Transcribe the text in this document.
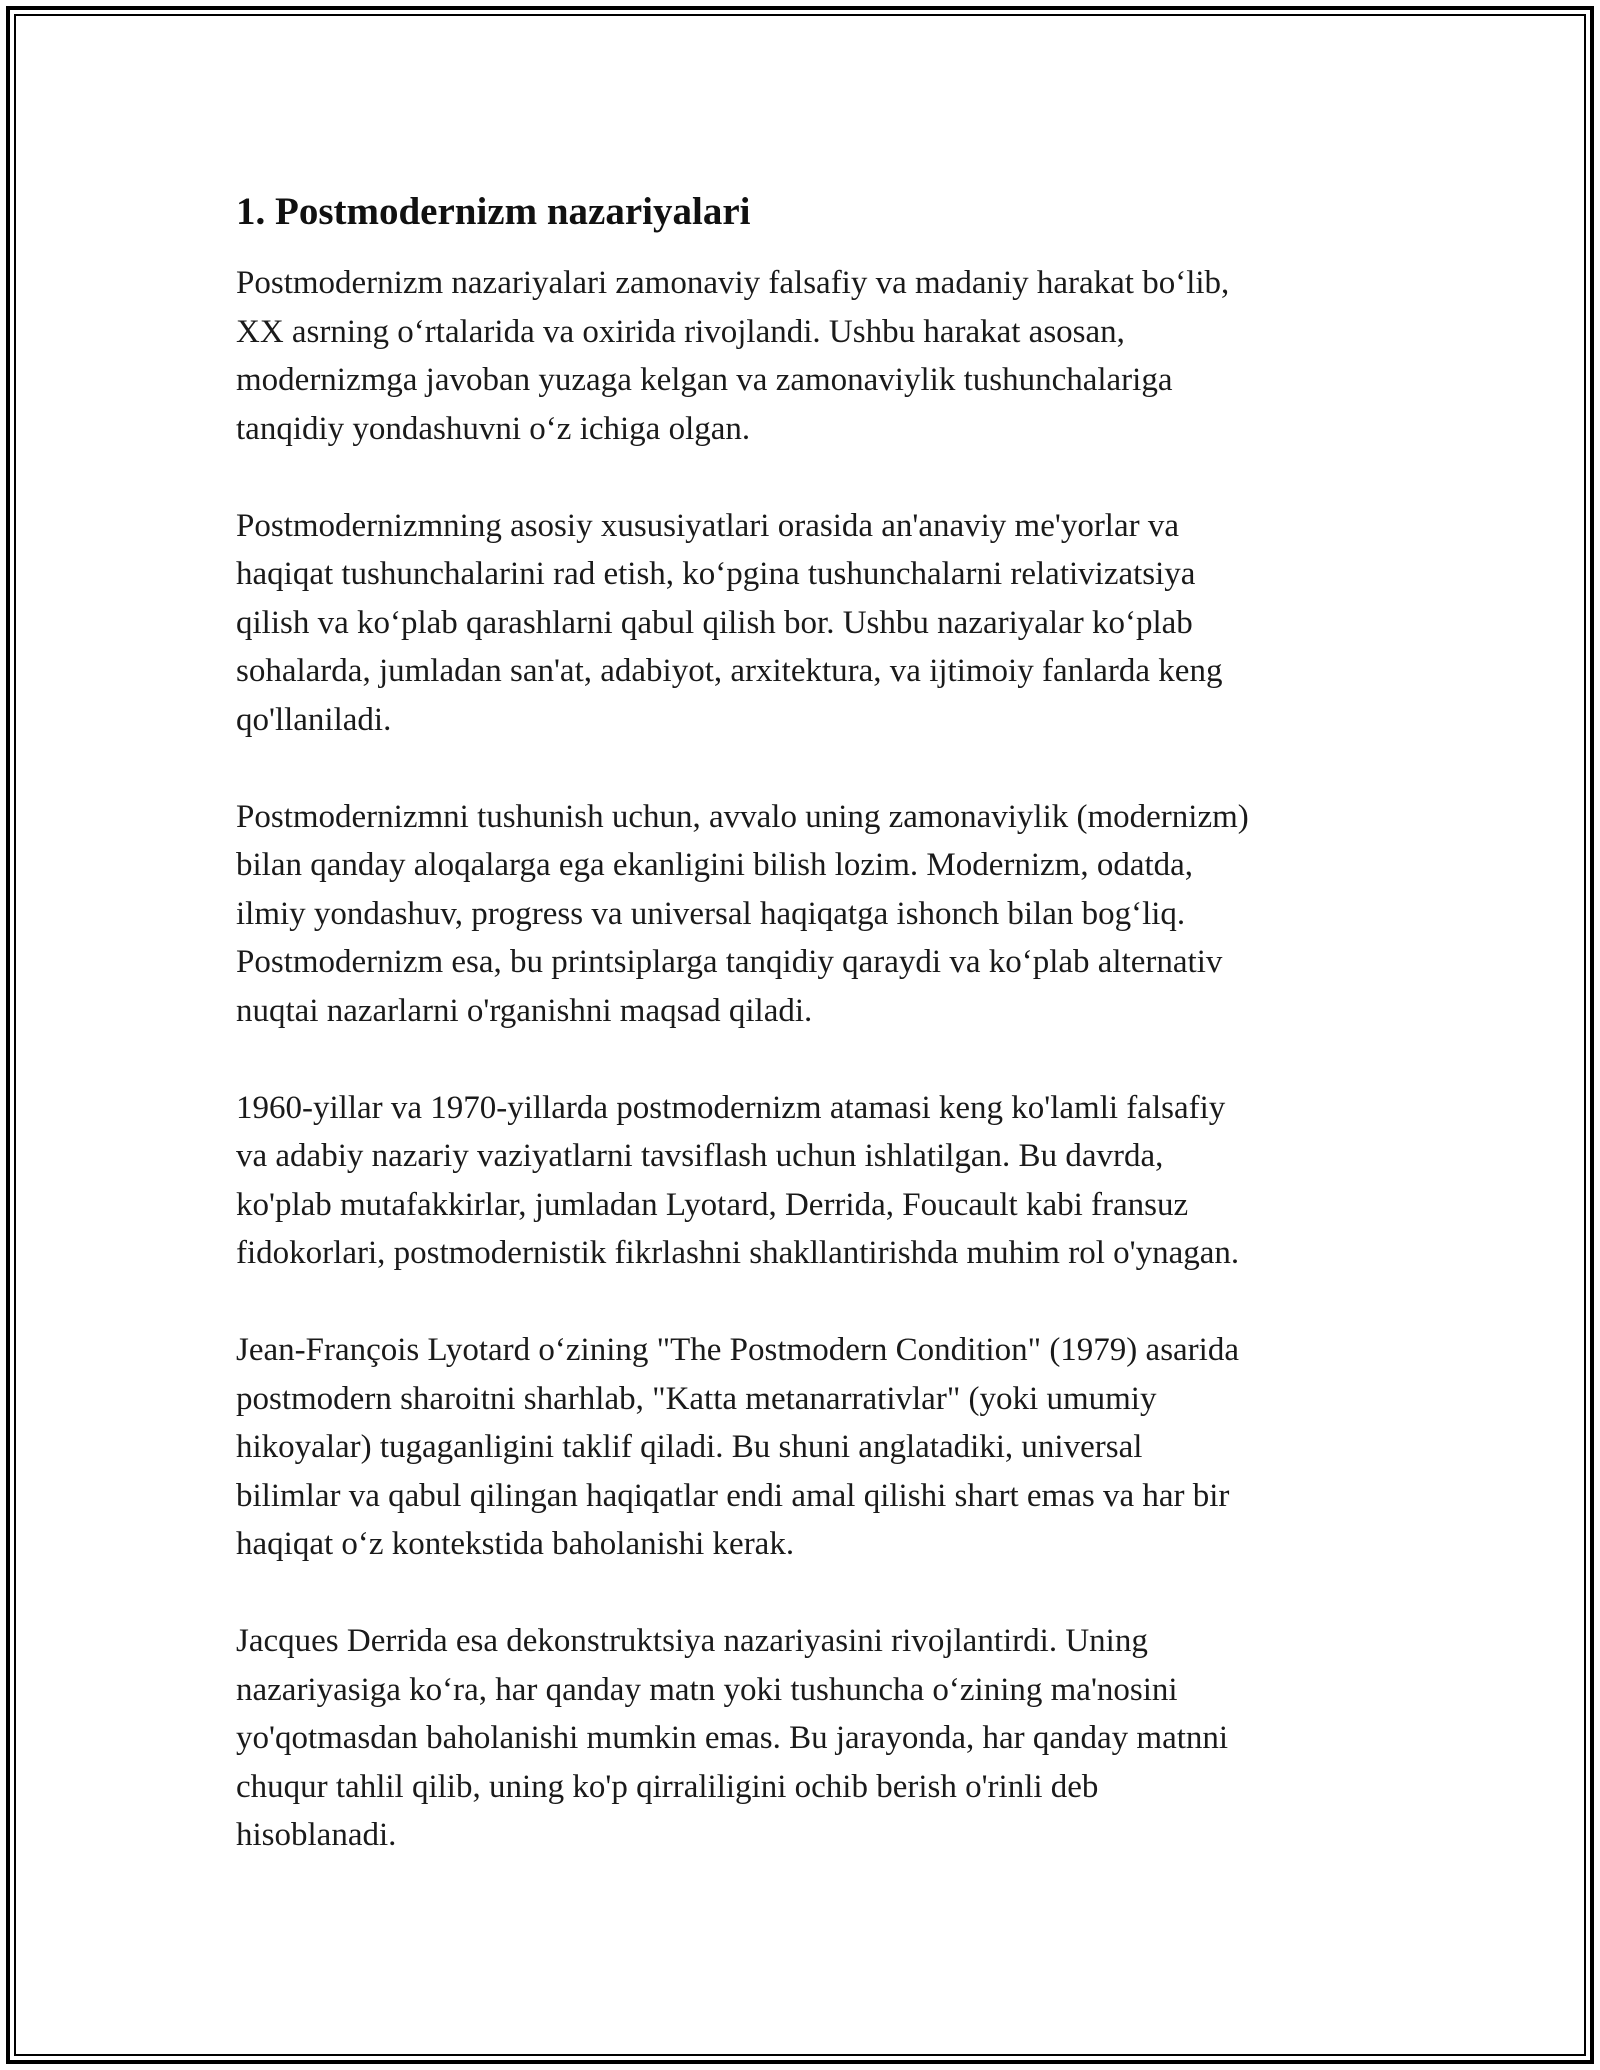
1. Postmodernizm nazariyalari

Postmodernizm nazariyalari zamonaviy falsafiy va madaniy harakat bo‘lib,
XX asrning o‘rtalarida va oxirida rivojlandi. Ushbu harakat asosan,
modernizmga javoban yuzaga kelgan va zamonaviylik tushunchalariga
tanqidiy yondashuvni o‘z ichiga olgan.

Postmodernizmning asosiy xususiyatlari orasida an'anaviy me'yorlar va
haqiqat tushunchalarini rad etish, ko‘pgina tushunchalarni relativizatsiya
qilish va ko‘plab qarashlarni qabul qilish bor. Ushbu nazariyalar ko‘plab
sohalarda, jumladan san'at, adabiyot, arxitektura, va ijtimoiy fanlarda keng
qo'llaniladi.

Postmodernizmni tushunish uchun, avvalo uning zamonaviylik (modernizm)
bilan qanday aloqalarga ega ekanligini bilish lozim. Modernizm, odatda,
ilmiy yondashuv, progress va universal haqiqatga ishonch bilan bog‘liq.
Postmodernizm esa, bu printsiplarga tanqidiy qaraydi va ko‘plab alternativ
nuqtai nazarlarni o'rganishni maqsad qiladi.

1960-yillar va 1970-yillarda postmodernizm atamasi keng ko'lamli falsafiy
va adabiy nazariy vaziyatlarni tavsiflash uchun ishlatilgan. Bu davrda,
ko'plab mutafakkirlar, jumladan Lyotard, Derrida, Foucault kabi fransuz
fidokorlari, postmodernistik fikrlashni shakllantirishda muhim rol o'ynagan.

Jean-François Lyotard o‘zining "The Postmodern Condition" (1979) asarida
postmodern sharoitni sharhlab, "Katta metanarrativlar" (yoki umumiy
hikoyalar) tugaganligini taklif qiladi. Bu shuni anglatadiki, universal
bilimlar va qabul qilingan haqiqatlar endi amal qilishi shart emas va har bir
haqiqat o‘z kontekstida baholanishi kerak.

Jacques Derrida esa dekonstruktsiya nazariyasini rivojlantirdi. Uning
nazariyasiga ko‘ra, har qanday matn yoki tushuncha o‘zining ma'nosini
yo'qotmasdan baholanishi mumkin emas. Bu jarayonda, har qanday matnni
chuqur tahlil qilib, uning ko'p qirraliligini ochib berish o'rinli deb
hisoblanadi.
